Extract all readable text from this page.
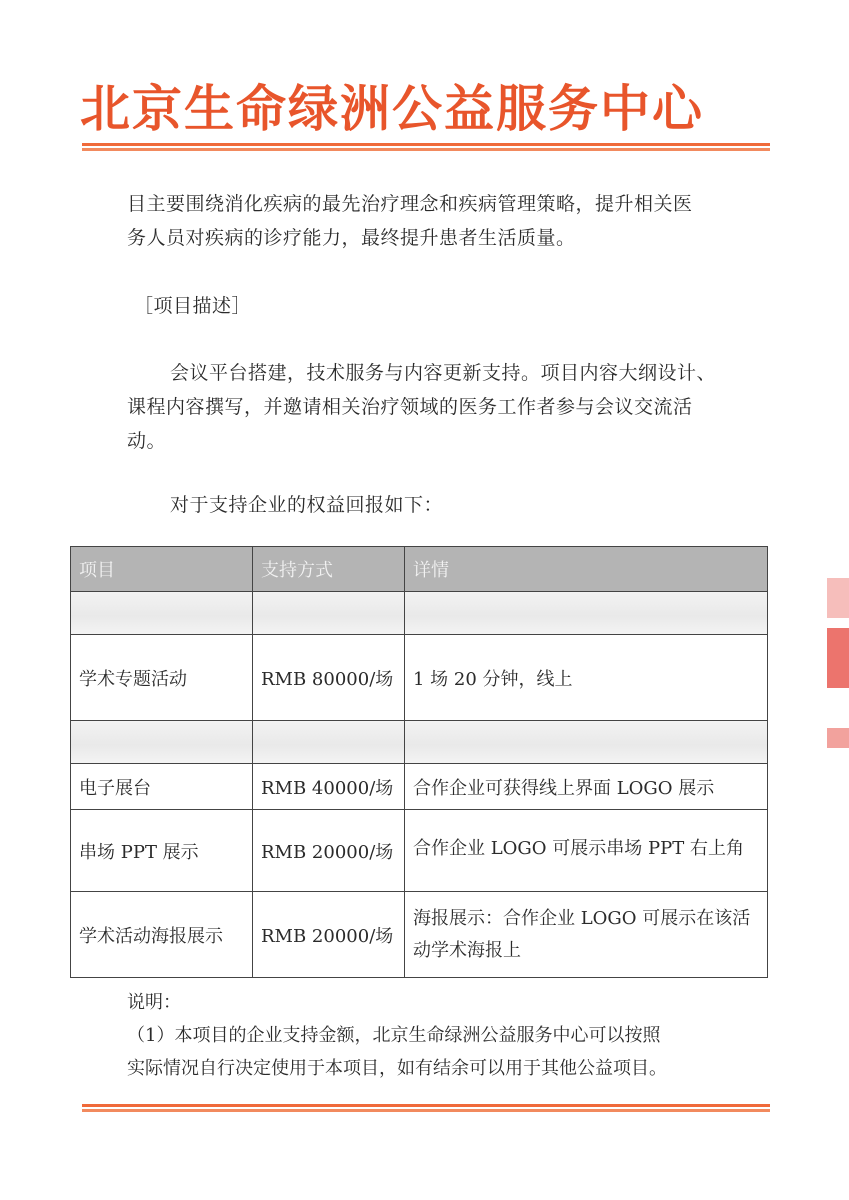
北京生命绿洲公益服务中心
目主要围绕消化疾病的最先治疗理念和疾病管理策略，提升相关医
务人员对疾病的诊疗能力，最终提升患者生活质量。
［项目描述］
会议平台搭建，技术服务与内容更新支持。项目内容大纲设计、
课程内容撰写，并邀请相关治疗领域的医务工作者参与会议交流活
动。
对于支持企业的权益回报如下：
项目	支持方式	详情

学术专题活动	RMB 80000/场	1 场 20 分钟，线上

电子展台	RMB 40000/场	合作企业可获得线上界面 LOGO 展示
串场 PPT 展示	RMB 20000/场	合作企业 LOGO 可展示串场 PPT 右上角
学术活动海报展示	RMB 20000/场	海报展示：合作企业 LOGO 可展示在该活
动学术海报上
说明：
（1）本项目的企业支持金额，北京生命绿洲公益服务中心可以按照
实际情况自行决定使用于本项目，如有结余可以用于其他公益项目。
